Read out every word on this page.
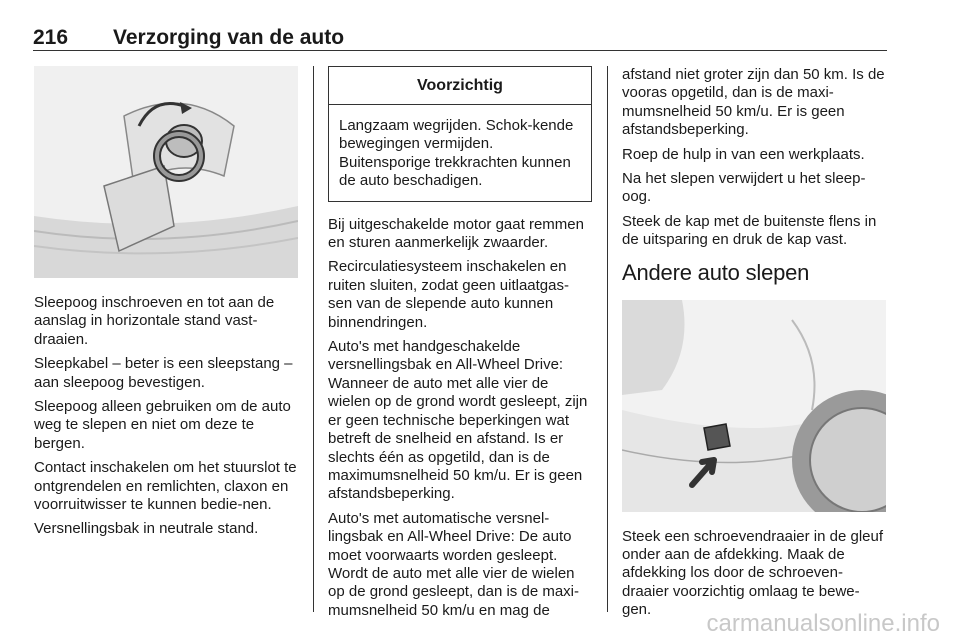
216 Verzorging van de auto

Sleepoog inschroeven en tot aan de aanslag in horizontale stand vast-draaien.

Sleepkabel – beter is een sleepstang – aan sleepoog bevestigen.

Sleepoog alleen gebruiken om de auto weg te slepen en niet om deze te bergen.

Contact inschakelen om het stuurslot te ontgrendelen en remlichten, claxon en voorruitwisser te kunnen bedie-nen.

Versnellingsbak in neutrale stand.

Voorzichtig
Langzaam wegrijden. Schok-kende bewegingen vermijden. Buitensporige trekkrachten kunnen de auto beschadigen.

Bij uitgeschakelde motor gaat remmen en sturen aanmerkelijk zwaarder.

Recirculatiesysteem inschakelen en ruiten sluiten, zodat geen uitlaatgas-sen van de slepende auto kunnen binnendringen.

Auto's met handgeschakelde versnellingsbak en All-Wheel Drive: Wanneer de auto met alle vier de wielen op de grond wordt gesleept, zijn er geen technische beperkingen wat betreft de snelheid en afstand. Is er slechts één as opgetild, dan is de maximumsnelheid 50 km/u. Er is geen afstandsbeperking.

Auto's met automatische versnel-lingsbak en All-Wheel Drive: De auto moet voorwaarts worden gesleept. Wordt de auto met alle vier de wielen op de grond gesleept, dan is de maxi-mumsnelheid 50 km/u en mag de

afstand niet groter zijn dan 50 km. Is de vooras opgetild, dan is de maxi-mumsnelheid 50 km/u. Er is geen afstandsbeperking.

Roep de hulp in van een werkplaats.

Na het slepen verwijdert u het sleep-oog.

Steek de kap met de buitenste flens in de uitsparing en druk de kap vast.

Andere auto slepen

Steek een schroevendraaier in de gleuf onder aan de afdekking. Maak de afdekking los door de schroeven-draaier voorzichtig omlaag te bewe-gen.

carmanualsonline.info
